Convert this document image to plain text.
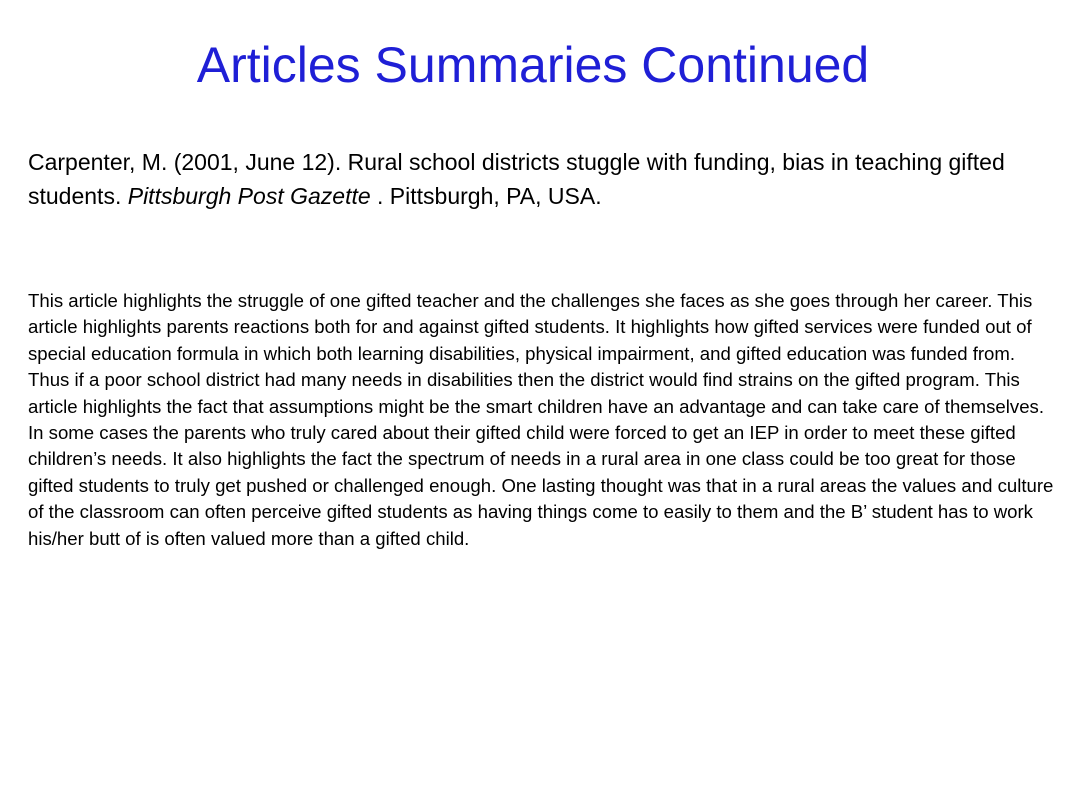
Articles Summaries Continued

Carpenter, M. (2001, June 12). Rural school districts stuggle with funding, bias in teaching gifted students. Pittsburgh Post Gazette . Pittsburgh, PA, USA.

This article highlights the struggle of one gifted teacher and the challenges she faces as she goes through her career. This article highlights parents reactions both for and against gifted students. It highlights how gifted services were funded out of special education formula in which both learning disabilities, physical impairment, and gifted education was funded from. Thus if a poor school district had many needs in disabilities then the district would find strains on the gifted program. This article highlights the fact that assumptions might be the smart children have an advantage and can take care of themselves. In some cases the parents who truly cared about their gifted child were forced to get an IEP in order to meet these gifted children’s needs. It also highlights the fact the spectrum of needs in a rural area in one class could be too great for those gifted students to truly get pushed or challenged enough. One lasting thought was that in a rural areas the values and culture of the classroom can often perceive gifted students as having things come to easily to them and the B’ student has to work his/her butt of is often valued more than a gifted child.
